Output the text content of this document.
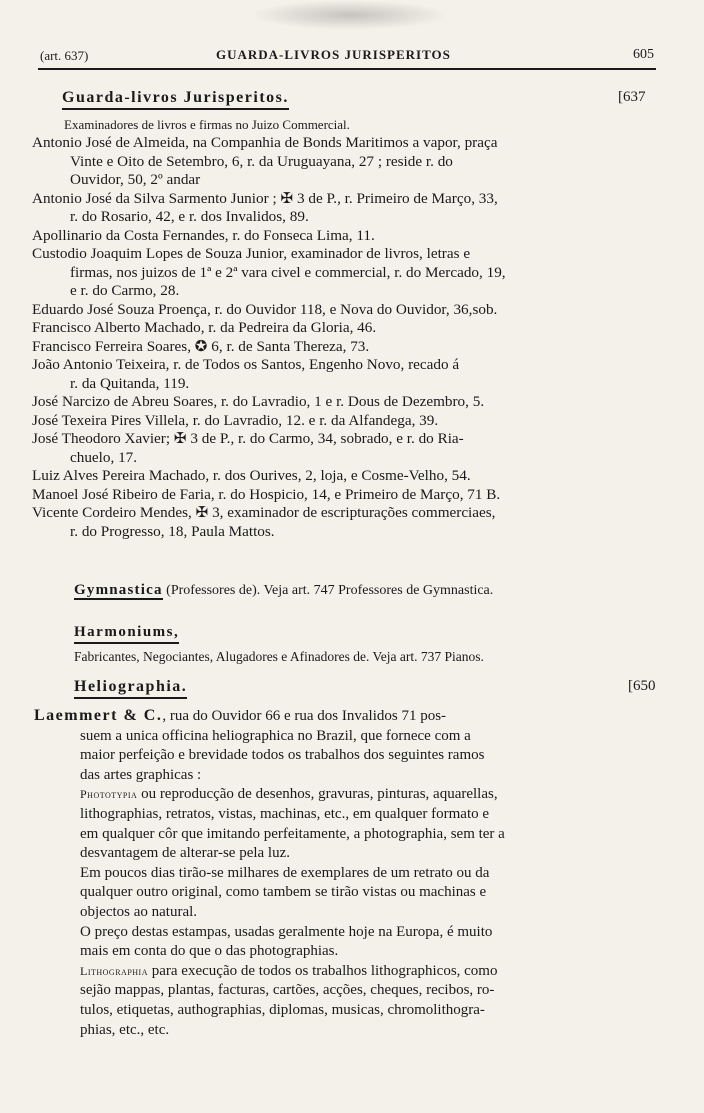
(art. 637)	GUARDA-LIVROS JURISPERITOS	605
Guarda-livros Jurisperitos.	[637
Examinadores de livros e firmas no Juizo Commercial.
Antonio José de Almeida, na Companhia de Bonds Maritimos a vapor, praça
Vinte e Oito de Setembro, 6, r. da Uruguayana, 27 ; reside r. do
Ouvidor, 50, 2º andar
Antonio José da Silva Sarmento Junior ; ✠ 3 de P., r. Primeiro de Março, 33,
r. do Rosario, 42, e r. dos Invalidos, 89.
Apollinario da Costa Fernandes, r. do Fonseca Lima, 11.
Custodio Joaquim Lopes de Souza Junior, examinador de livros, letras e
firmas, nos juizos de 1ª e 2ª vara civel e commercial, r. do Mercado, 19,
e r. do Carmo, 28.
Eduardo José Souza Proença, r. do Ouvidor 118, e Nova do Ouvidor, 36,sob.
Francisco Alberto Machado, r. da Pedreira da Gloria, 46.
Francisco Ferreira Soares, ✪ 6, r. de Santa Thereza, 73.
João Antonio Teixeira, r. de Todos os Santos, Engenho Novo, recado á
r. da Quitanda, 119.
José Narcizo de Abreu Soares, r. do Lavradio, 1 e r. Dous de Dezembro, 5.
José Texeira Pires Villela, r. do Lavradio, 12. e r. da Alfandega, 39.
José Theodoro Xavier; ✠ 3 de P., r. do Carmo, 34, sobrado, e r. do Ria-
chuelo, 17.
Luiz Alves Pereira Machado, r. dos Ourives, 2, loja, e Cosme-Velho, 54.
Manoel José Ribeiro de Faria, r. do Hospicio, 14, e Primeiro de Março, 71 B.
Vicente Cordeiro Mendes, ✠ 3, examinador de escripturações commerciaes,
r. do Progresso, 18, Paula Mattos.
Gymnastica (Professores de). Veja art. 747 Professores de Gymnastica.
Harmoniums,
Fabricantes, Negociantes, Alugadores e Afinadores de. Veja art. 737 Pianos.
Heliographia.	[650
Laemmert & C., rua do Ouvidor 66 e rua dos Invalidos 71 pos-
suem a unica officina heliographica no Brazil, que fornece com a
maior perfeição e brevidade todos os trabalhos dos seguintes ramos
das artes graphicas :
Phototypia ou reproducção de desenhos, gravuras, pinturas, aquarellas,
lithographias, retratos, vistas, machinas, etc., em qualquer formato e
em qualquer côr que imitando perfeitamente, a photographia, sem ter a
desvantagem de alterar-se pela luz.
Em poucos dias tirão-se milhares de exemplares de um retrato ou da
qualquer outro original, como tambem se tirão vistas ou machinas e
objectos ao natural.
O preço destas estampas, usadas geralmente hoje na Europa, é muito
mais em conta do que o das photographias.
Lithographia para execução de todos os trabalhos lithographicos, como
sejão mappas, plantas, facturas, cartões, acções, cheques, recibos, ro-
tulos, etiquetas, authographias, diplomas, musicas, chromolithogra-
phias, etc., etc.
